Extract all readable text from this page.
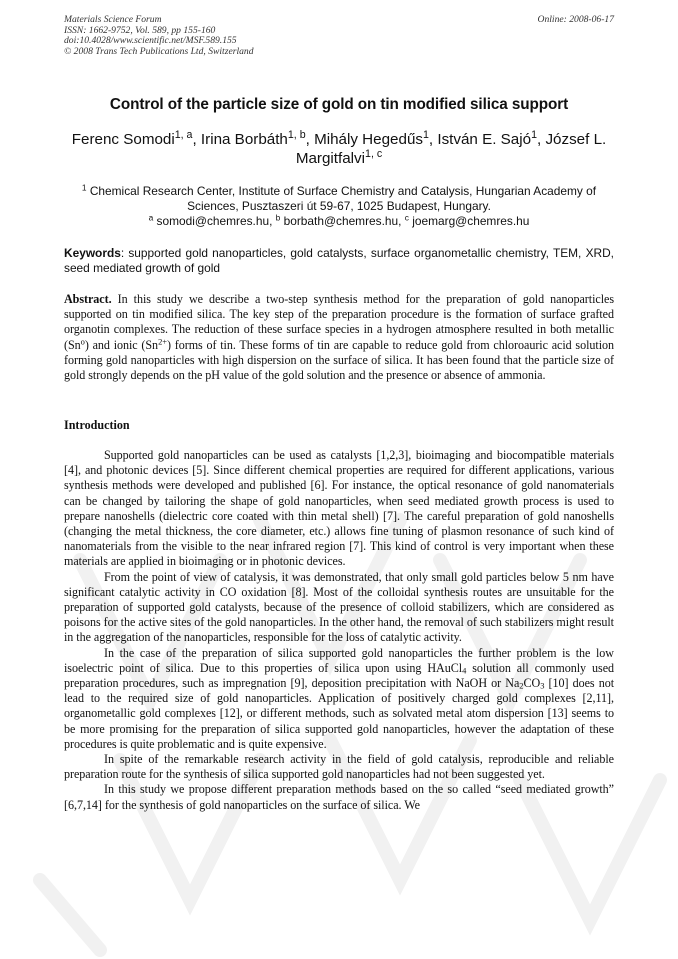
Materials Science Forum
ISSN: 1662-9752, Vol. 589, pp 155-160
doi:10.4028/www.scientific.net/MSF.589.155
© 2008 Trans Tech Publications Ltd, Switzerland
Online: 2008-06-17
Control of the particle size of gold on tin modified silica support
Ferenc Somodi$^{1, a}$, Irina Borbáth$^{1, b}$, Mihály Hegedűs$^1$, István E. Sajó$^1$, József L. Margitfalvi$^{1, c}$
$^1$ Chemical Research Center, Institute of Surface Chemistry and Catalysis, Hungarian Academy of Sciences, Pusztaszeri út 59-67, 1025 Budapest, Hungary.
$^a$ somodi@chemres.hu, $^b$ borbath@chemres.hu, $^c$ joemarg@chemres.hu
Keywords: supported gold nanoparticles, gold catalysts, surface organometallic chemistry, TEM, XRD, seed mediated growth of gold
Abstract. In this study we describe a two-step synthesis method for the preparation of gold nanoparticles supported on tin modified silica. The key step of the preparation procedure is the formation of surface grafted organotin complexes. The reduction of these surface species in a hydrogen atmosphere resulted in both metallic (Sn$^o$) and ionic $(Sn^{2+})$ forms of tin. These forms of tin are capable to reduce gold from chloroauric acid solution forming gold nanoparticles with high dispersion on the surface of silica. It has been found that the particle size of gold strongly depends on the pH value of the gold solution and the presence or absence of ammonia.
Introduction

Supported gold nanoparticles can be used as catalysts [1,2,3], bioimaging and biocompatible materials [4], and photonic devices [5]. Since different chemical properties are required for different applications, various synthesis methods were developed and published [6]. For instance, the optical resonance of gold nanomaterials can be changed by tailoring the shape of gold nanoparticles, when seed mediated growth process is used to prepare nanoshells (dielectric core coated with thin metal shell) [7]. The careful preparation of gold nanoshells (changing the metal thickness, the core diameter, etc.) allows fine tuning of plasmon resonance of such kind of nanomaterials from the visible to the near infrared region [7]. This kind of control is very important when these materials are applied in bioimaging or in photonic devices.

From the point of view of catalysis, it was demonstrated, that only small gold particles below 5 nm have significant catalytic activity in CO oxidation [8]. Most of the colloidal synthesis routes are unsuitable for the preparation of supported gold catalysts, because of the presence of colloid stabilizers, which are considered as poisons for the active sites of the gold nanoparticles. In the other hand, the removal of such stabilizers might result in the aggregation of the nanoparticles, responsible for the loss of catalytic activity.

In the case of the preparation of silica supported gold nanoparticles the further problem is the low isoelectric point of silica. Due to this properties of silica upon using HAuCl$_4$ solution all commonly used preparation procedures, such as impregnation [9], deposition precipitation with NaOH or $Na_2CO_3$ [10] does not lead to the required size of gold nanoparticles. Application of positively charged gold complexes [2,11], organometallic gold complexes [12], or different methods, such as solvated metal atom dispersion [13] seems to be more promising for the preparation of silica supported gold nanoparticles, however the adaptation of these procedures is quite problematic and is quite expensive.

In spite of the remarkable research activity in the field of gold catalysis, reproducible and reliable preparation route for the synthesis of silica supported gold nanoparticles had not been suggested yet.

In this study we propose different preparation methods based on the so called “seed mediated growth” [6,7,14] for the synthesis of gold nanoparticles on the surface of silica. We
